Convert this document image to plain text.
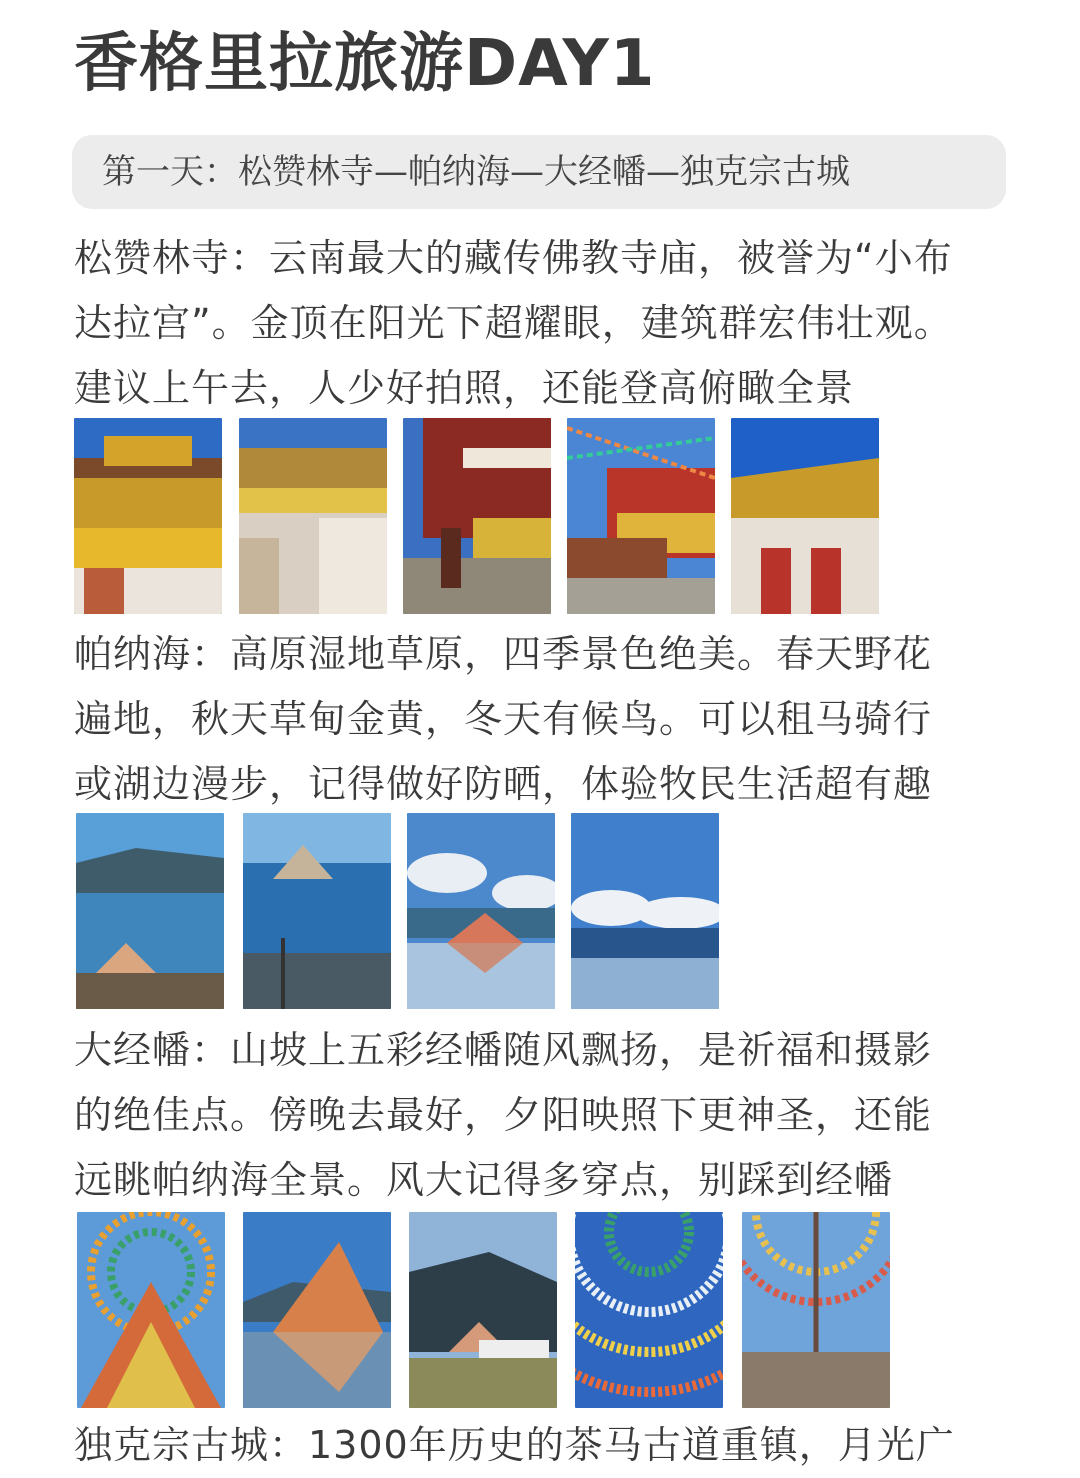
香格里拉旅游DAY1
第一天：松赞林寺—帕纳海—大经幡—独克宗古城

松赞林寺：云南最大的藏传佛教寺庙，被誉为“小布

达拉宫”。金顶在阳光下超耀眼，建筑群宏伟壮观。

建议上午去，人少好拍照，还能登高俯瞰全景

帕纳海：高原湿地草原，四季景色绝美。春天野花

遍地，秋天草甸金黄，冬天有候鸟。可以租马骑行

或湖边漫步，记得做好防晒，体验牧民生活超有趣

大经幡：山坡上五彩经幡随风飘扬，是祈福和摄影

的绝佳点。傍晚去最好，夕阳映照下更神圣，还能

远眺帕纳海全景。风大记得多穿点，别踩到经幡

独克宗古城：1300年历史的茶马古道重镇，月光广
